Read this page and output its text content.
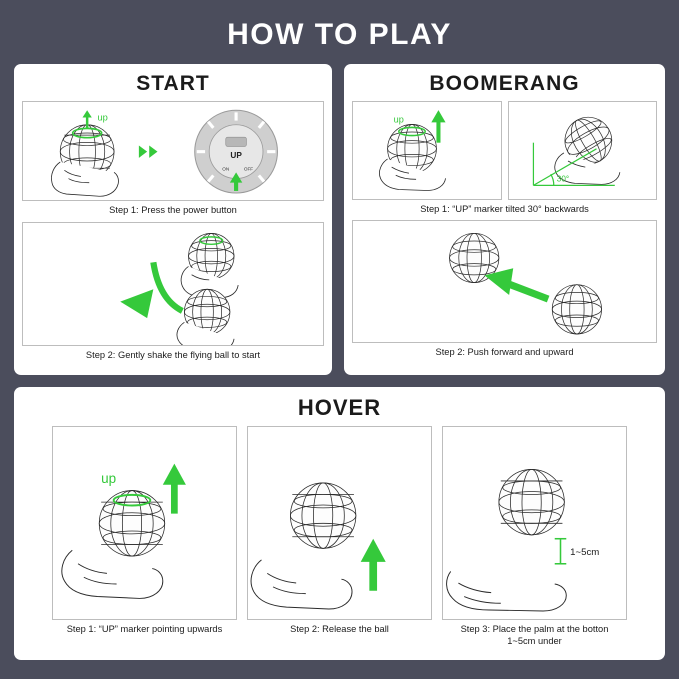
HOW TO PLAY
START
up
UP
ON	OFF
Step 1: Press the power button
Step 2: Gently shake the flying ball to start
BOOMERANG
up
30°
Step 1: “UP” marker tilted 30° backwards
Step 2: Push forward and upward
HOVER
up
Step 1: “UP” marker pointing upwards	Step 2: Release the ball
1~5cm
Step 3: Place the palm at the botton
1~5cm under
